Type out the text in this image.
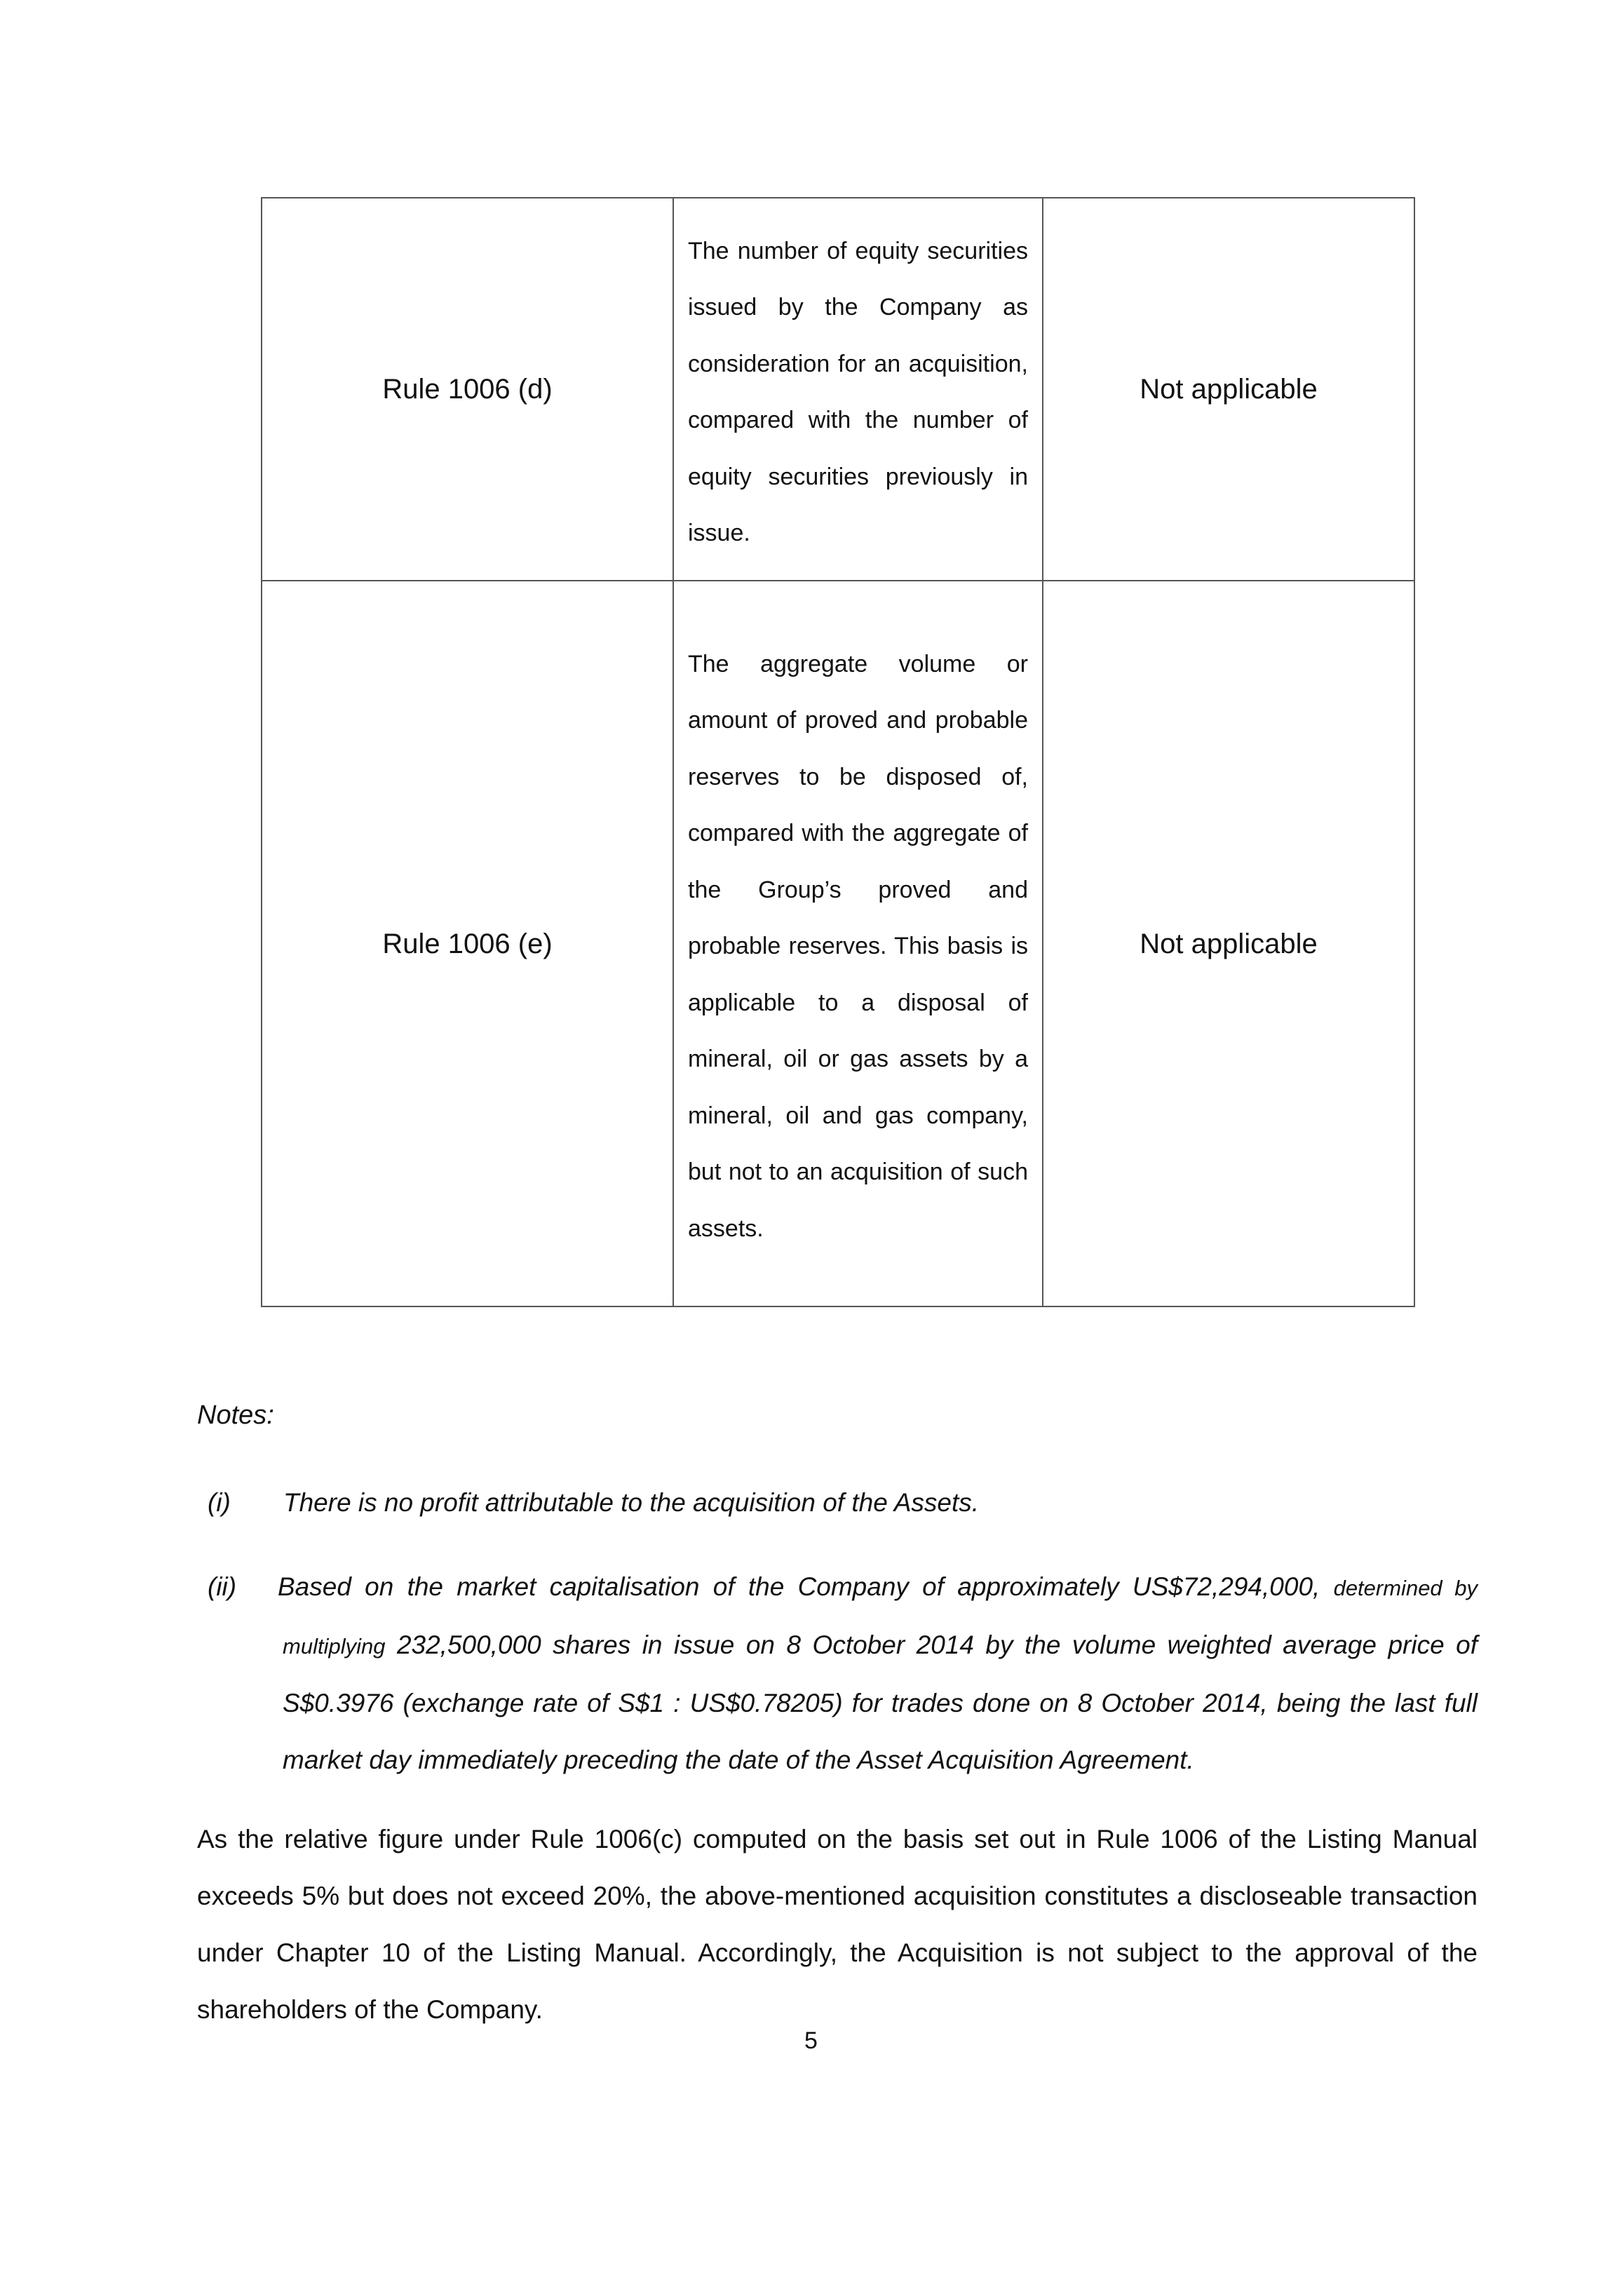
Rule 1006 (d)	The number of equity securities issued by the Company as consideration for an acquisition, compared with the number of equity securities previously in issue.	Not applicable
Rule 1006 (e)	The aggregate volume or amount of proved and probable reserves to be disposed of, compared with the aggregate of the Group’s proved and probable reserves. This basis is applicable to a disposal of mineral, oil or gas assets by a mineral, oil and gas company, but not to an acquisition of such assets.	Not applicable
Notes:
(i)	There is no profit attributable to the acquisition of the Assets.
(ii) Based on the market capitalisation of the Company of approximately US$72,294,000, determined by multiplying 232,500,000 shares in issue on 8 October 2014 by the volume weighted average price of S$0.3976 (exchange rate of S$1 : US$0.78205) for trades done on 8 October 2014, being the last full market day immediately preceding the date of the Asset Acquisition Agreement.
As the relative figure under Rule 1006(c) computed on the basis set out in Rule 1006 of the Listing Manual exceeds 5% but does not exceed 20%, the above-mentioned acquisition constitutes a discloseable transaction under Chapter 10 of the Listing Manual. Accordingly, the Acquisition is not subject to the approval of the shareholders of the Company.
5
